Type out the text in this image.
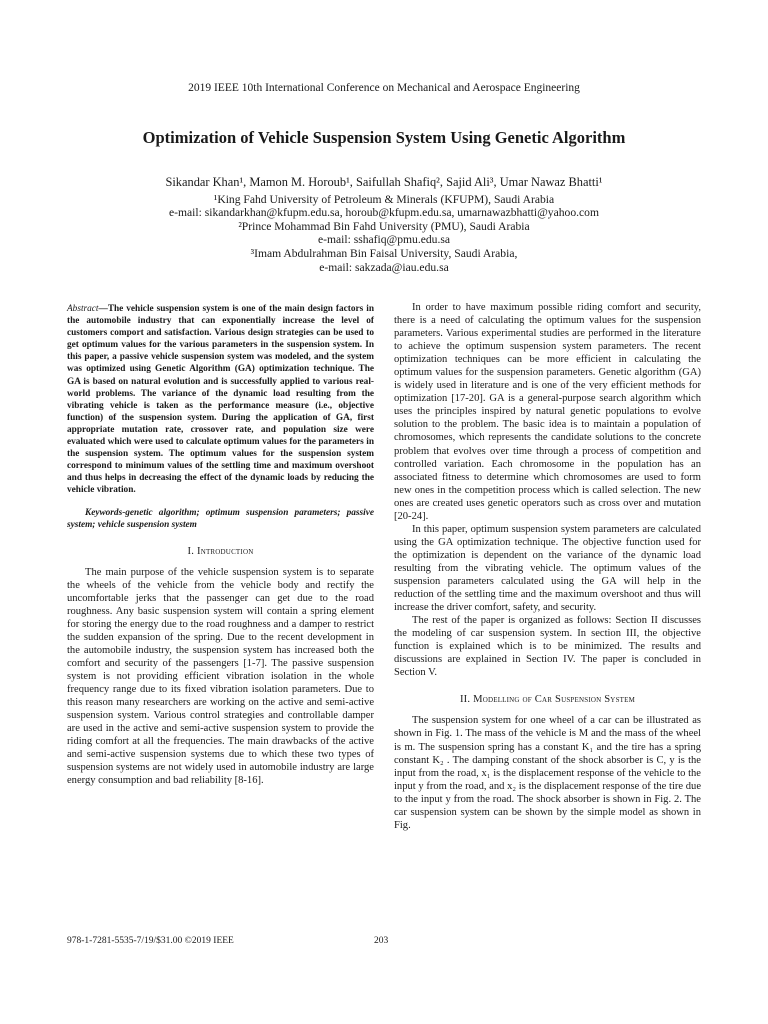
2019 IEEE 10th International Conference on Mechanical and Aerospace Engineering
Optimization of Vehicle Suspension System Using Genetic Algorithm
Sikandar Khan¹, Mamon M. Horoub¹, Saifullah Shafiq², Sajid Ali³, Umar Nawaz Bhatti¹
¹King Fahd University of Petroleum & Minerals (KFUPM), Saudi Arabia
e-mail: sikandarkhan@kfupm.edu.sa, horoub@kfupm.edu.sa, umarnawazbhatti@yahoo.com
²Prince Mohammad Bin Fahd University (PMU), Saudi Arabia
e-mail: sshafiq@pmu.edu.sa
³Imam Abdulrahman Bin Faisal University, Saudi Arabia,
e-mail: sakzada@iau.edu.sa

Abstract—The vehicle suspension system is one of the main design factors in the automobile industry that can exponentially increase the level of customers comport and satisfaction. Various design strategies can be used to get optimum values for the various parameters in the suspension system. In this paper, a passive vehicle suspension system was modeled, and the system was optimized using Genetic Algorithm (GA) optimization technique. The GA is based on natural evolution and is successfully applied to various real-world problems. The variance of the dynamic load resulting from the vibrating vehicle is taken as the performance measure (i.e., objective function) of the suspension system. During the application of GA, first appropriate mutation rate, crossover rate, and population size were evaluated which were used to calculate optimum values for the parameters in the suspension system. The optimum values for the suspension system correspond to minimum values of the settling time and maximum overshoot and thus helps in decreasing the effect of the dynamic loads by reducing the vehicle vibration.

Keywords-genetic algorithm; optimum suspension parameters; passive system; vehicle suspension system

I. Introduction

The main purpose of the vehicle suspension system is to separate the wheels of the vehicle from the vehicle body and rectify the uncomfortable jerks that the passenger can get due to the road roughness. Any basic suspension system will contain a spring element for storing the energy due to the road roughness and a damper to restrict the sudden expansion of the spring. Due to the recent development in the automobile industry, the suspension system has increased both the comfort and security of the passengers [1-7]. The passive suspension system is not providing efficient vibration isolation in the whole frequency range due to its fixed vibration isolation parameters. Due to this reason many researchers are working on the active and semi-active suspension system. Various control strategies and controllable damper are used in the active and semi-active suspension system to provide the riding comfort at all the frequencies. The main drawbacks of the active and semi-active suspension systems due to which these two types of suspension systems are not widely used in automobile industry are large energy consumption and bad reliability [8-16].

In order to have maximum possible riding comfort and security, there is a need of calculating the optimum values for the suspension parameters. Various experimental studies are performed in the literature to achieve the optimum suspension system parameters. The recent optimization techniques can be more efficient in calculating the optimum values for the suspension parameters. Genetic algorithm (GA) is widely used in literature and is one of the very efficient methods for optimization [17-20]. GA is a general-purpose search algorithm which uses the principles inspired by natural genetic populations to evolve solution to the problem. The basic idea is to maintain a population of chromosomes, which represents the candidate solutions to the concrete problem that evolves over time through a process of competition and controlled variation. Each chromosome in the population has an associated fitness to determine which chromosomes are used to form new ones in the competition process which is called selection. The new ones are created uses genetic operators such as cross over and mutation [20-24].

In this paper, optimum suspension system parameters are calculated using the GA optimization technique. The objective function used for the optimization is dependent on the variance of the dynamic load resulting from the vibrating vehicle. The optimum values of the suspension parameters calculated using the GA will help in the reduction of the settling time and the maximum overshoot and thus will increase the driver comfort, safety, and security.

The rest of the paper is organized as follows: Section II discusses the modeling of car suspension system. In section III, the objective function is explained which is to be minimized. The results and discussions are explained in Section IV. The paper is concluded in Section V.

II. Modelling of Car Suspension System

The suspension system for one wheel of a car can be illustrated as shown in Fig. 1. The mass of the vehicle is M and the mass of the wheel is m. The suspension spring has a constant K₁ and the tire has a spring constant K₂ . The damping constant of the shock absorber is C, y is the input from the road, x₁ is the displacement response of the vehicle to the input y from the road, and x₂ is the displacement response of the tire due to the input y from the road. The shock absorber is shown in Fig. 2. The car suspension system can be shown by the simple model as shown in Fig.

978-1-7281-5535-7/19/$31.00 ©2019 IEEE	203
